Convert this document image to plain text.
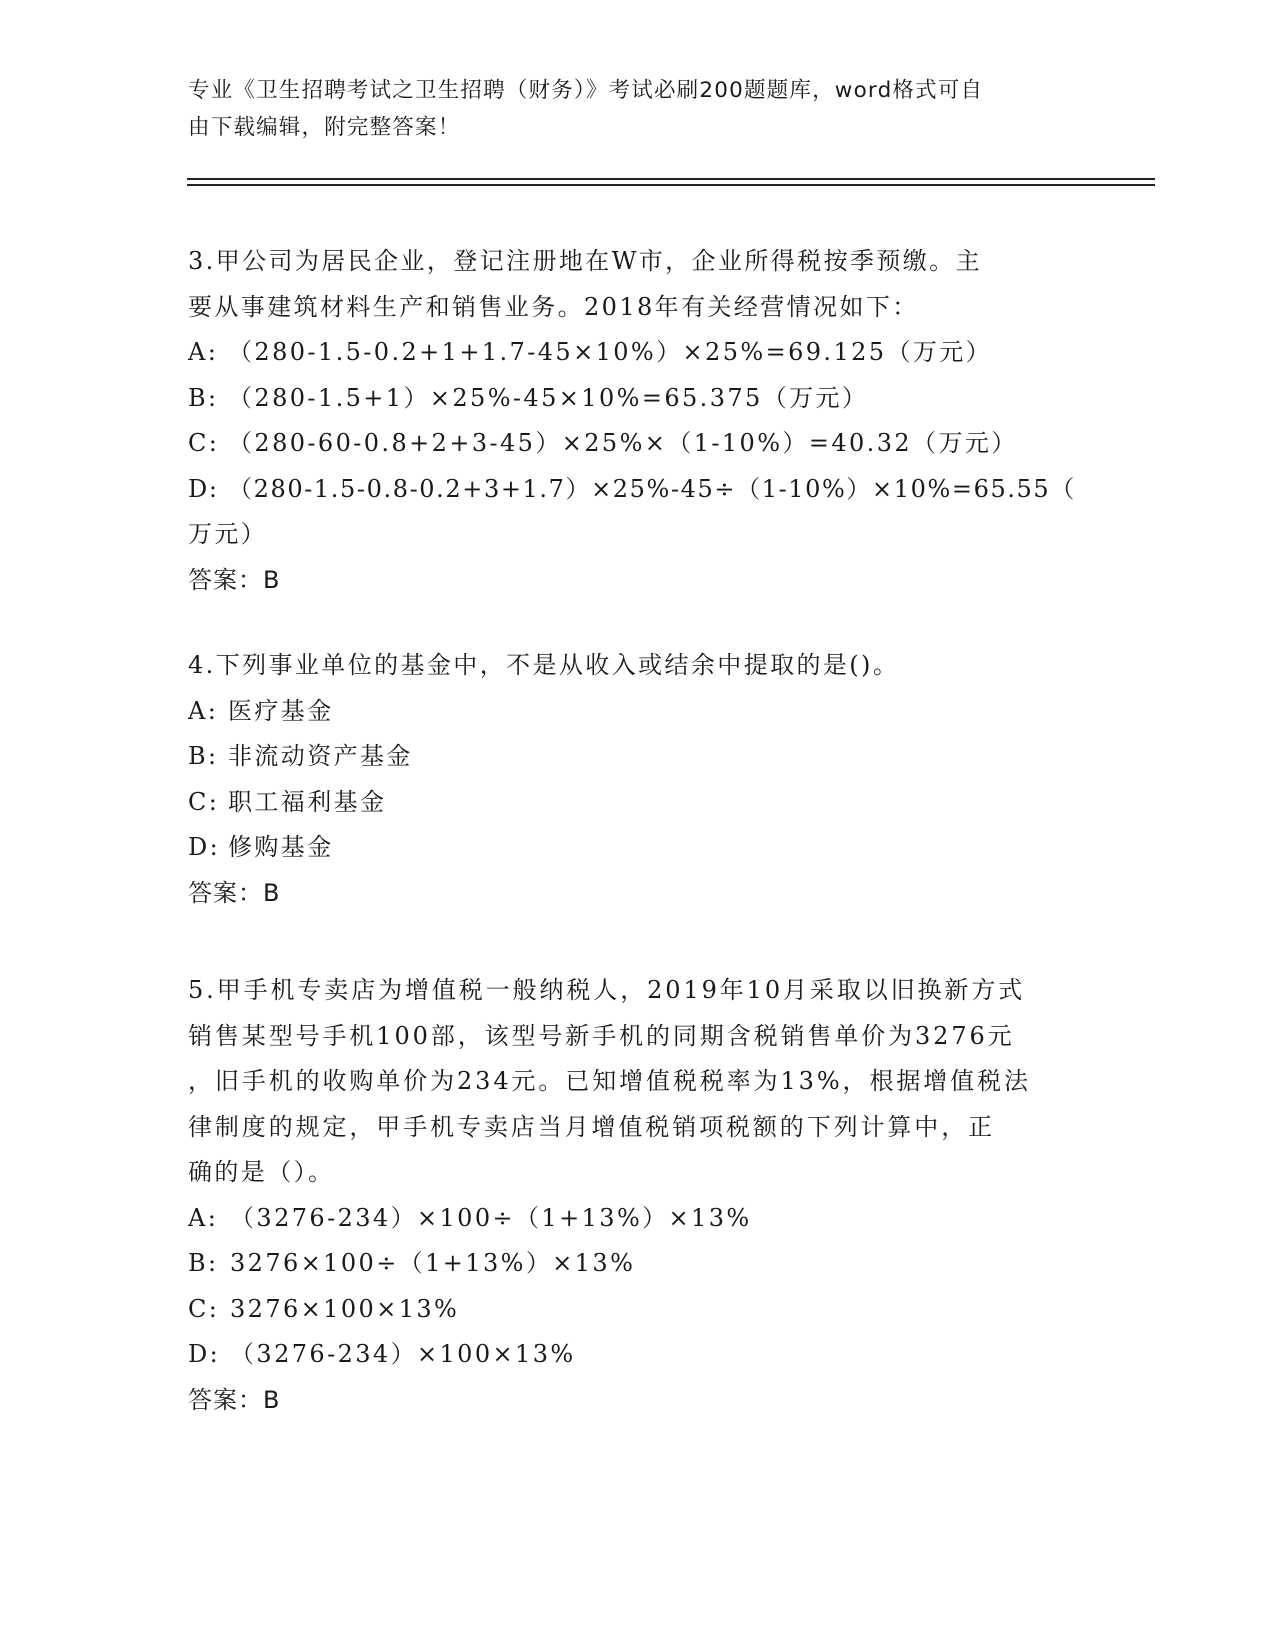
专业《卫生招聘考试之卫生招聘（财务）》考试必刷200题题库，word格式可自
由下载编辑，附完整答案！

3.甲公司为居民企业，登记注册地在W市，企业所得税按季预缴。主

要从事建筑材料生产和销售业务。2018年有关经营情况如下：

A: （280-1.5-0.2+1+1.7-45×10%）×25%=69.125（万元）

B: （280-1.5+1）×25%-45×10%=65.375（万元）

C: （280-60-0.8+2+3-45）×25%×（1-10%）=40.32（万元）

D: （280-1.5-0.8-0.2+3+1.7）×25%-45÷（1-10%）×10%=65.55（

万元）

答案：B

4.下列事业单位的基金中，不是从收入或结余中提取的是()。

A: 医疗基金

B: 非流动资产基金

C: 职工福利基金

D: 修购基金

答案：B

5.甲手机专卖店为增值税一般纳税人，2019年10月采取以旧换新方式

销售某型号手机100部，该型号新手机的同期含税销售单价为3276元

，旧手机的收购单价为234元。已知增值税税率为13%，根据增值税法

律制度的规定，甲手机专卖店当月增值税销项税额的下列计算中，正

确的是（）。

A: （3276-234）×100÷（1+13%）×13%

B: 3276×100÷（1+13%）×13%

C: 3276×100×13%

D: （3276-234）×100×13%

答案：B
